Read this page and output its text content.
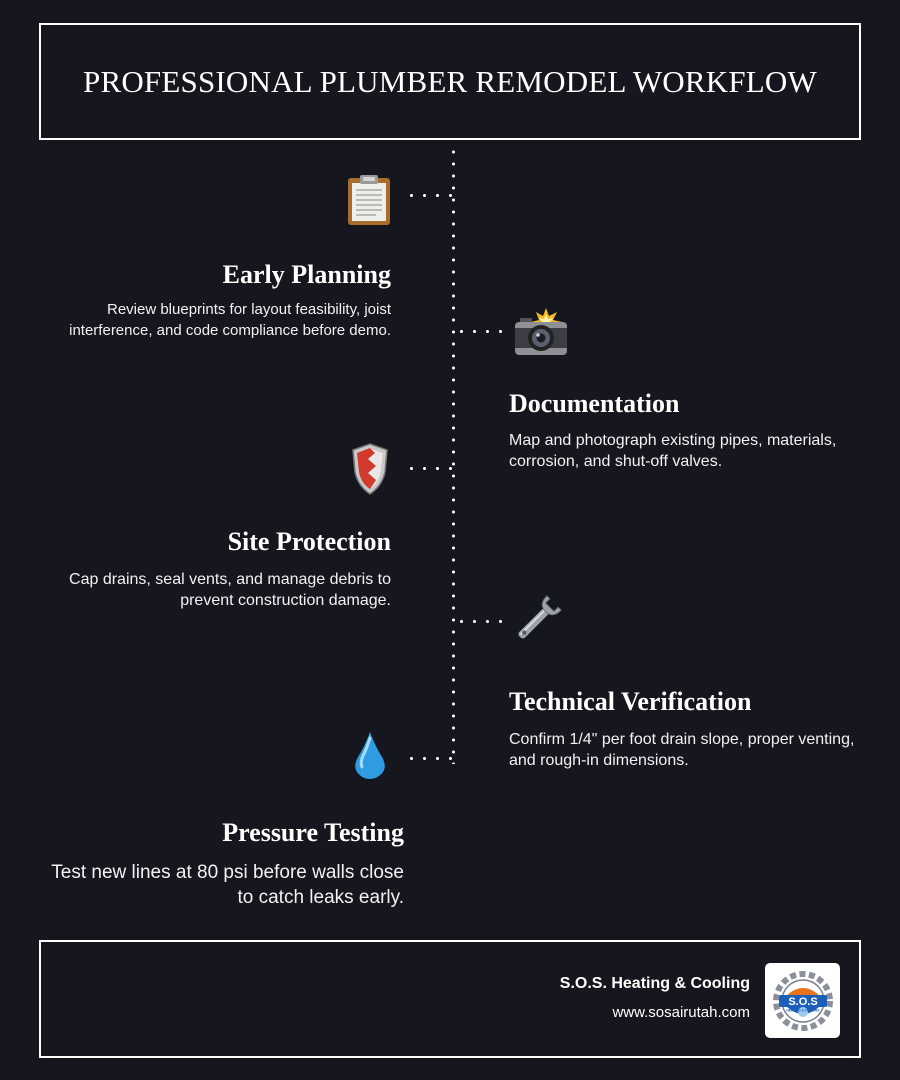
PROFESSIONAL PLUMBER REMODEL WORKFLOW
Early Planning

Review blueprints for layout feasibility, joist interference, and code compliance before demo.

Documentation

Map and photograph existing pipes, materials, corrosion, and shut-off valves.

Site Protection

Cap drains, seal vents, and manage debris to prevent construction damage.

Technical Verification

Confirm 1/4" per foot drain slope, proper venting, and rough-in dimensions.

Pressure Testing

Test new lines at 80 psi before walls close to catch leaks early.

S.O.S. Heating & Cooling
www.sosairutah.com
S.O.S
HEATING & COOLING
